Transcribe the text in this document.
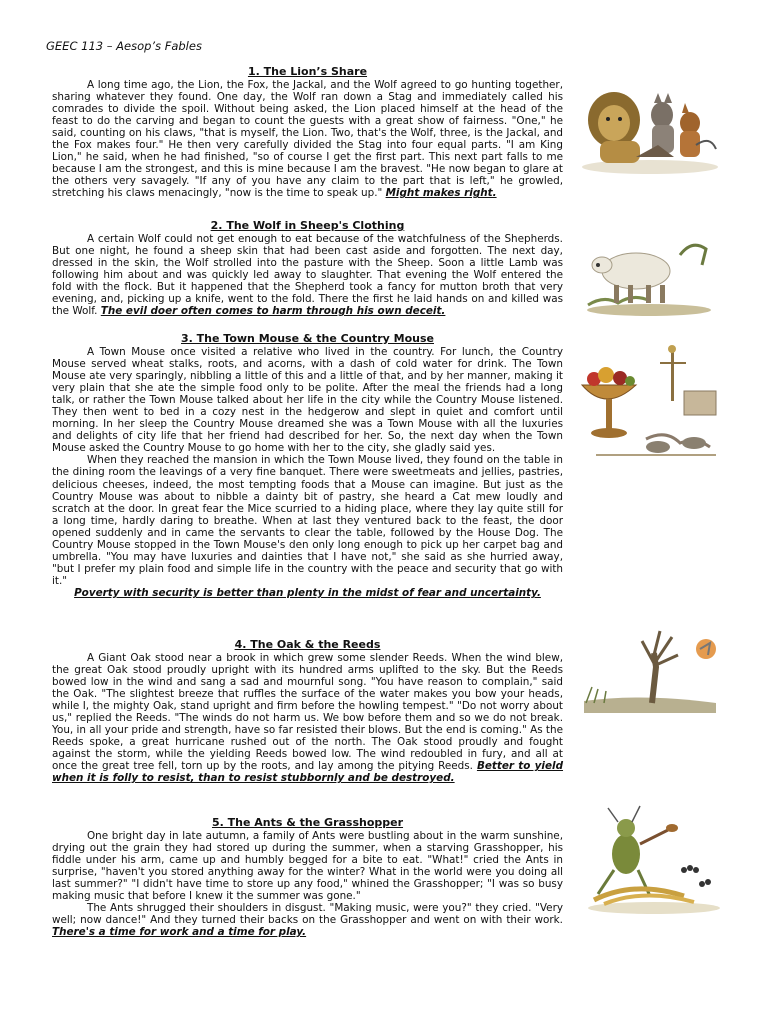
GEEC 113 – Aesop’s Fables

1. The Lion’s Share

A long time ago, the Lion, the Fox, the Jackal, and the Wolf agreed to go hunting together, sharing whatever they found. One day, the Wolf ran down a Stag and immediately called his comrades to divide the spoil. Without being asked, the Lion placed himself at the head of the feast to do the carving and began to count the guests with a great show of fairness. "One," he said, counting on his claws, "that is myself, the Lion. Two, that's the Wolf, three, is the Jackal, and the Fox makes four." He then very carefully divided the Stag into four equal parts. "I am King Lion," he said, when he had finished, "so of course I get the first part. This next part falls to me because I am the strongest, and this is mine because I am the bravest. "He now began to glare at the others very savagely. "If any of you have any claim to the part that is left," he growled, stretching his claws menacingly, "now is the time to speak up." Might makes right.

2. The Wolf in Sheep's Clothing

A certain Wolf could not get enough to eat because of the watchfulness of the Shepherds. But one night, he found a sheep skin that had been cast aside and forgotten. The next day, dressed in the skin, the Wolf strolled into the pasture with the Sheep. Soon a little Lamb was following him about and was quickly led away to slaughter. That evening the Wolf entered the fold with the flock. But it happened that the Shepherd took a fancy for mutton broth that very evening, and, picking up a knife, went to the fold. There the first he laid hands on and killed was the Wolf. The evil doer often comes to harm through his own deceit.

3. The Town Mouse & the Country Mouse

A Town Mouse once visited a relative who lived in the country. For lunch, the Country Mouse served wheat stalks, roots, and acorns, with a dash of cold water for drink. The Town Mouse ate very sparingly, nibbling a little of this and a little of that, and by her manner, making it very plain that she ate the simple food only to be polite. After the meal the friends had a long talk, or rather the Town Mouse talked about her life in the city while the Country Mouse listened. They then went to bed in a cozy nest in the hedgerow and slept in quiet and comfort until morning. In her sleep the Country Mouse dreamed she was a Town Mouse with all the luxuries and delights of city life that her friend had described for her. So, the next day when the Town Mouse asked the Country Mouse to go home with her to the city, she gladly said yes.

When they reached the mansion in which the Town Mouse lived, they found on the table in the dining room the leavings of a very fine banquet. There were sweetmeats and jellies, pastries, delicious cheeses, indeed, the most tempting foods that a Mouse can imagine. But just as the Country Mouse was about to nibble a dainty bit of pastry, she heard a Cat mew loudly and scratch at the door. In great fear the Mice scurried to a hiding place, where they lay quite still for a long time, hardly daring to breathe. When at last they ventured back to the feast, the door opened suddenly and in came the servants to clear the table, followed by the House Dog. The Country Mouse stopped in the Town Mouse's den only long enough to pick up her carpet bag and umbrella. "You may have luxuries and dainties that I have not," she said as she hurried away, "but I prefer my plain food and simple life in the country with the peace and security that go with it."

Poverty with security is better than plenty in the midst of fear and uncertainty.

4. The Oak & the Reeds

A Giant Oak stood near a brook in which grew some slender Reeds. When the wind blew, the great Oak stood proudly upright with its hundred arms uplifted to the sky. But the Reeds bowed low in the wind and sang a sad and mournful song. "You have reason to complain," said the Oak. "The slightest breeze that ruffles the surface of the water makes you bow your heads, while I, the mighty Oak, stand upright and firm before the howling tempest." "Do not worry about us," replied the Reeds. "The winds do not harm us. We bow before them and so we do not break. You, in all your pride and strength, have so far resisted their blows. But the end is coming." As the Reeds spoke, a great hurricane rushed out of the north. The Oak stood proudly and fought against the storm, while the yielding Reeds bowed low. The wind redoubled in fury, and all at once the great tree fell, torn up by the roots, and lay among the pitying Reeds. Better to yield when it is folly to resist, than to resist stubbornly and be destroyed.

5. The Ants & the Grasshopper

One bright day in late autumn, a family of Ants were bustling about in the warm sunshine, drying out the grain they had stored up during the summer, when a starving Grasshopper, his fiddle under his arm, came up and humbly begged for a bite to eat. "What!" cried the Ants in surprise, "haven't you stored anything away for the winter? What in the world were you doing all last summer?" "I didn't have time to store up any food," whined the Grasshopper; "I was so busy making music that before I knew it the summer was gone."

The Ants shrugged their shoulders in disgust. "Making music, were you?" they cried. "Very well; now dance!" And they turned their backs on the Grasshopper and went on with their work. There's a time for work and a time for play.
